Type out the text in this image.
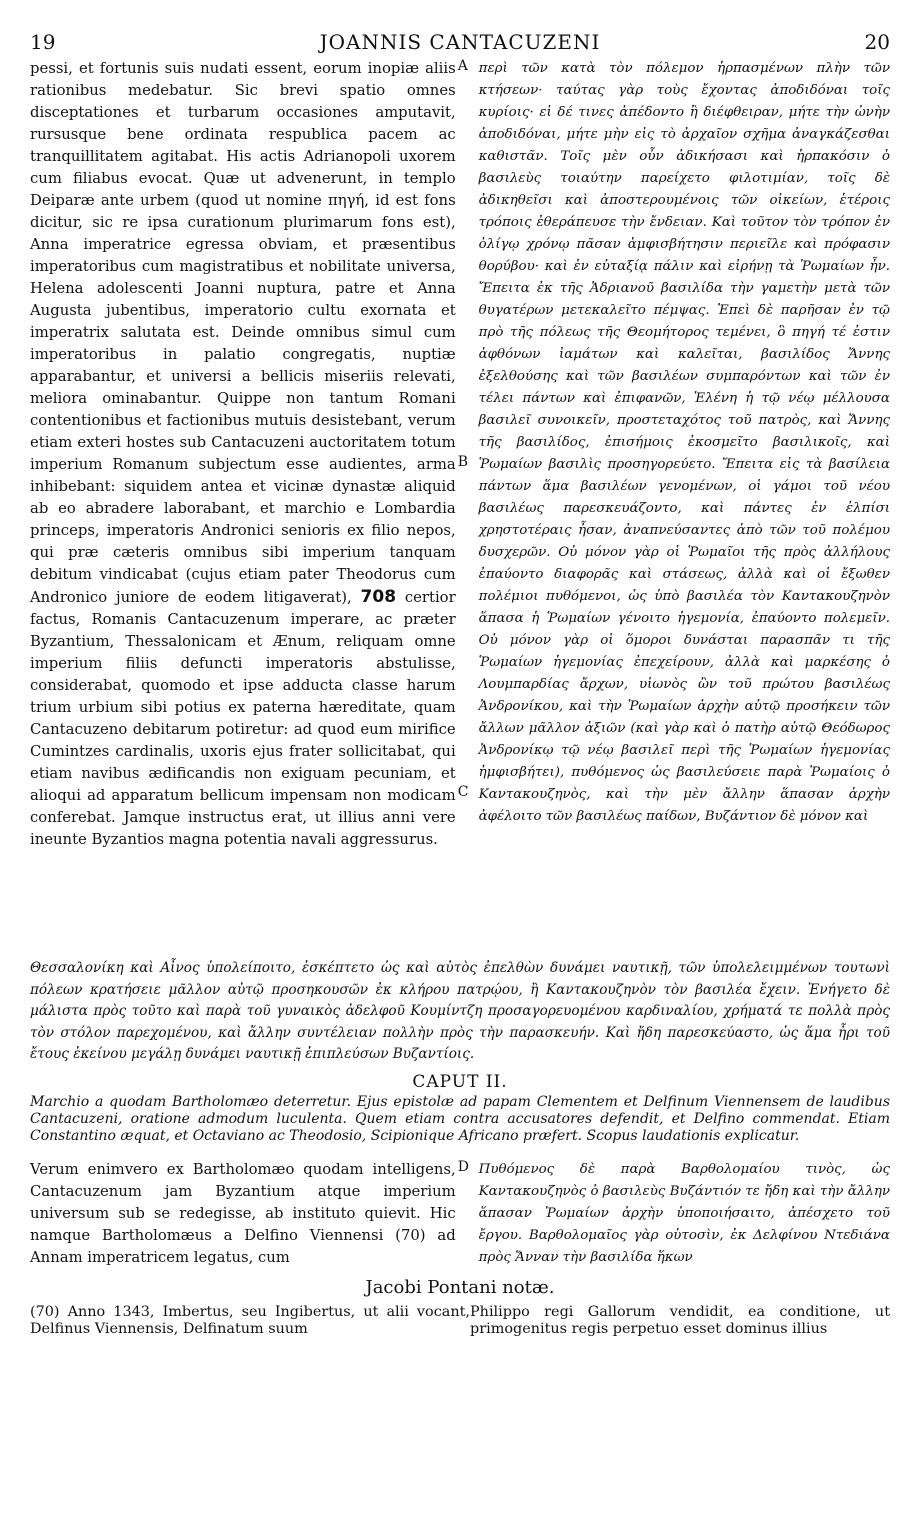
19	JOANNIS CANTACUZENI	20
pessi, et fortunis suis nudati essent, eorum inopiæ aliis rationibus medebatur. Sic brevi spatio omnes disceptationes et turbarum occasiones amputavit, rursusque bene ordinata respublica pacem ac tranquillitatem agitabat. His actis Adrianopoli uxorem cum filiabus evocat. Quæ ut advenerunt, in templo Deiparæ ante urbem (quod ut nomine πηγή, id est fons dicitur, sic re ipsa curationum plurimarum fons est), Anna imperatrice egressa obviam, et præsentibus imperatoribus cum magistratibus et nobilitate universa, Helena adolescenti Joanni nuptura, patre et Anna Augusta jubentibus, imperatorio cultu exornata et imperatrix salutata est. Deinde omnibus simul cum imperatoribus in palatio congregatis, nuptiæ apparabantur, et universi a bellicis miseriis relevati, meliora ominabantur. Quippe non tantum Romani contentionibus et factionibus mutuis desistebant, verum etiam exteri hostes sub Cantacuzeni auctoritatem totum imperium Romanum subjectum esse audientes, arma inhibebant: siquidem antea et vicinæ dynastæ aliquid ab eo abradere laborabant, et marchio e Lombardia princeps, imperatoris Andronici senioris ex filio nepos, qui præ cæteris omnibus sibi imperium tanquam debitum vindicabat (cujus etiam pater Theodorus cum Andronico juniore de eodem litigaverat), 708 certior factus, Romanis Cantacuzenum imperare, ac præter Byzantium, Thessalonicam et Ænum, reliquam omne imperium filiis defuncti imperatoris abstulisse, considerabat, quomodo et ipse adducta classe harum trium urbium sibi potius ex paterna hæreditate, quam Cantacuzeno debitarum potiretur: ad quod eum mirifice Cumintzes cardinalis, uxoris ejus frater sollicitabat, qui etiam navibus ædificandis non exiguam pecuniam, et alioqui ad apparatum bellicum impensam non modicam conferebat. Jamque instructus erat, ut illius anni vere ineunte Byzantios magna potentia navali aggressurus.
A
B
C
περὶ τῶν κατὰ τὸν πόλεμον ἡρπασμένων πλὴν τῶν κτήσεων· ταύτας γὰρ τοὺς ἔχοντας ἀποδιδόναι τοῖς κυρίοις· εἰ δέ τινες ἀπέδοντο ἢ διέφθειραν, μήτε τὴν ὠνὴν ἀποδιδόναι, μήτε μὴν εἰς τὸ ἀρχαῖον σχῆμα ἀναγκάζεσθαι καθιστᾶν. Τοῖς μὲν οὖν ἀδικήσασι καὶ ἡρπακόσιν ὁ βασιλεὺς τοιαύτην παρείχετο φιλοτιμίαν, τοῖς δὲ ἀδικηθεῖσι καὶ ἀποστερουμένοις τῶν οἰκείων, ἑτέροις τρόποις ἐθεράπευσε τὴν ἔνδειαν. Καὶ τοῦτον τὸν τρόπον ἐν ὀλίγῳ χρόνῳ πᾶσαν ἀμφισβήτησιν περιεῖλε καὶ πρόφασιν θορύβου· καὶ ἐν εὐταξίᾳ πάλιν καὶ εἰρήνῃ τὰ Ῥωμαίων ἦν. Ἔπειτα ἐκ τῆς Ἀδριανοῦ βασιλίδα τὴν γαμετὴν μετὰ τῶν θυγατέρων μετεκαλεῖτο πέμψας. Ἐπεὶ δὲ παρῆσαν ἐν τῷ πρὸ τῆς πόλεως τῆς Θεομήτορος τεμένει, ὃ πηγή τέ ἐστιν ἀφθόνων ἰαμάτων καὶ καλεῖται, βασιλίδος Ἄννης ἐξελθούσης καὶ τῶν βασιλέων συμπαρόντων καὶ τῶν ἐν τέλει πάντων καὶ ἐπιφανῶν, Ἑλένη ἡ τῷ νέῳ μέλλουσα βασιλεῖ συνοικεῖν, προστεταχότος τοῦ πατρὸς, καὶ Ἄννης τῆς βασιλίδος, ἐπισήμοις ἐκοσμεῖτο βασιλικοῖς, καὶ Ῥωμαίων βασιλὶς προσηγορεύετο. Ἔπειτα εἰς τὰ βασίλεια πάντων ἅμα βασιλέων γενομένων, οἱ γάμοι τοῦ νέου βασιλέως παρεσκευάζοντο, καὶ πάντες ἐν ἐλπίσι χρηστοτέραις ἦσαν, ἀναπνεύσαντες ἀπὸ τῶν τοῦ πολέμου δυσχερῶν. Οὐ μόνον γὰρ οἱ Ῥωμαῖοι τῆς πρὸς ἀλλήλους ἐπαύοντο διαφορᾶς καὶ στάσεως, ἀλλὰ καὶ οἱ ἔξωθεν πολέμιοι πυθόμενοι, ὡς ὑπὸ βασιλέα τὸν Καντακουζηνὸν ἅπασα ἡ Ῥωμαίων γένοιτο ἡγεμονία, ἐπαύοντο πολεμεῖν. Οὐ μόνον γὰρ οἱ ὅμοροι δυνάσται παρασπᾶν τι τῆς Ῥωμαίων ἡγεμονίας ἐπεχείρουν, ἀλλὰ καὶ μαρκέσης ὁ Λουμπαρδίας ἄρχων, υἱωνὸς ὢν τοῦ πρώτου βασιλέως Ἀνδρονίκου, καὶ τὴν Ῥωμαίων ἀρχὴν αὐτῷ προσήκειν τῶν ἄλλων μᾶλλον ἀξιῶν (καὶ γὰρ καὶ ὁ πατὴρ αὐτῷ Θεόδωρος Ἀνδρονίκῳ τῷ νέῳ βασιλεῖ περὶ τῆς Ῥωμαίων ἡγεμονίας ἠμφισβήτει), πυθόμενος ὡς βασιλεύσειε παρὰ Ῥωμαίοις ὁ Καντακουζηνὸς, καὶ τὴν μὲν ἄλλην ἅπασαν ἀρχὴν ἀφέλοιτο τῶν βασιλέως παίδων, Βυζάντιον δὲ μόνον καὶ
Θεσσαλονίκη καὶ Αἶνος ὑπολείποιτο, ἐσκέπτετο ὡς καὶ αὐτὸς ἐπελθὼν δυνάμει ναυτικῇ, τῶν ὑπολελειμμένων τουτωνὶ πόλεων κρατήσειε μᾶλλον αὐτῷ προσηκουσῶν ἐκ κλήρου πατρῴου, ἢ Καντακουζηνὸν τὸν βασιλέα ἔχειν. Ἐνήγετο δὲ μάλιστα πρὸς τοῦτο καὶ παρὰ τοῦ γυναικὸς ἀδελφοῦ Κουμίντζη προσαγορευομένου καρδιναλίου, χρήματά τε πολλὰ πρὸς τὸν στόλον παρεχομένου, καὶ ἄλλην συντέλειαν πολλὴν πρὸς τὴν παρασκευήν. Καὶ ἤδη παρεσκεύαστο, ὡς ἅμα ἦρι τοῦ ἔτους ἐκείνου μεγάλῃ δυνάμει ναυτικῇ ἐπιπλεύσων Βυζαντίοις.
CAPUT II.
Marchio a quodam Bartholomæo deterretur. Ejus epistolæ ad papam Clementem et Delfinum Viennensem de laudibus Cantacuzeni, oratione admodum luculenta. Quem etiam contra accusatores defendit, et Delfino commendat. Etiam Constantino æquat, et Octaviano ac Theodosio, Scipionique Africano præfert. Scopus laudationis explicatur.
Verum enimvero ex Bartholomæo quodam intelligens, Cantacuzenum jam Byzantium atque imperium universum sub se redegisse, ab instituto quievit. Hic namque Bartholomæus a Delfino Viennensi (70) ad Annam imperatricem legatus, cum
D Πυθόμενος δὲ παρὰ Βαρθολομαίου τινὸς, ὡς Καντακουζηνὸς ὁ βασιλεὺς Βυζάντιόν τε ἤδη καὶ τὴν ἄλλην ἅπασαν Ῥωμαίων ἀρχὴν ὑποποιήσαιτο, ἀπέσχετο τοῦ ἔργου. Βαρθολομαῖος γὰρ οὑτοσὶν, ἐκ Δελφίνου Ντεδιάνα πρὸς Ἄνναν τὴν βασιλίδα ἥκων
Jacobi Pontani notæ.
(70) Anno 1343, Imbertus, seu Ingibertus, ut alii vocant, Delfinus Viennensis, Delfinatum suum
Philippo regi Gallorum vendidit, ea conditione, ut primogenitus regis perpetuo esset dominus illius
